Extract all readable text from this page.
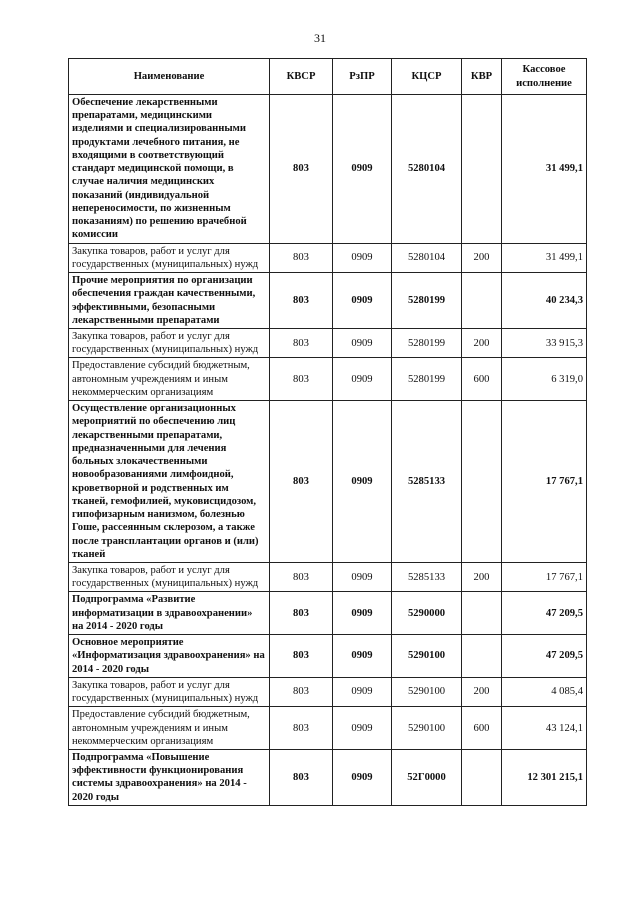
31
Наименование	КВСР	РзПР	КЦСР	КВР	Кассовое исполнение
Обеспечение лекарственными препаратами, медицинскими изделиями и специализированными продуктами лечебного питания, не входящими в соответствующий стандарт медицинской помощи, в случае наличия медицинских показаний (индивидуальной непереносимости, по жизненным показаниям) по решению врачебной комиссии	803	0909	5280104		31 499,1
Закупка товаров, работ и услуг для государственных (муниципальных) нужд	803	0909	5280104	200	31 499,1
Прочие мероприятия по организации обеспечения граждан качественными, эффективными, безопасными лекарственными препаратами	803	0909	5280199		40 234,3
Закупка товаров, работ и услуг для государственных (муниципальных) нужд	803	0909	5280199	200	33 915,3
Предоставление субсидий бюджетным, автономным учреждениям и иным некоммерческим организациям	803	0909	5280199	600	6 319,0
Осуществление организационных мероприятий по обеспечению лиц лекарственными препаратами, предназначенными для лечения больных злокачественными новообразованиями лимфоидной, кроветворной и родственных им тканей, гемофилией, муковисцидозом, гипофизарным нанизмом, болезнью Гоше, рассеянным склерозом, а также после трансплантации органов и (или) тканей	803	0909	5285133		17 767,1
Закупка товаров, работ и услуг для государственных (муниципальных) нужд	803	0909	5285133	200	17 767,1
Подпрограмма «Развитие информатизации в здравоохранении» на 2014 - 2020 годы	803	0909	5290000		47 209,5
Основное мероприятие «Информатизация здравоохранения» на 2014 - 2020 годы	803	0909	5290100		47 209,5
Закупка товаров, работ и услуг для государственных (муниципальных) нужд	803	0909	5290100	200	4 085,4
Предоставление субсидий бюджетным, автономным учреждениям и иным некоммерческим организациям	803	0909	5290100	600	43 124,1
Подпрограмма «Повышение эффективности функционирования системы здравоохранения» на 2014 - 2020 годы	803	0909	52Г0000		12 301 215,1
